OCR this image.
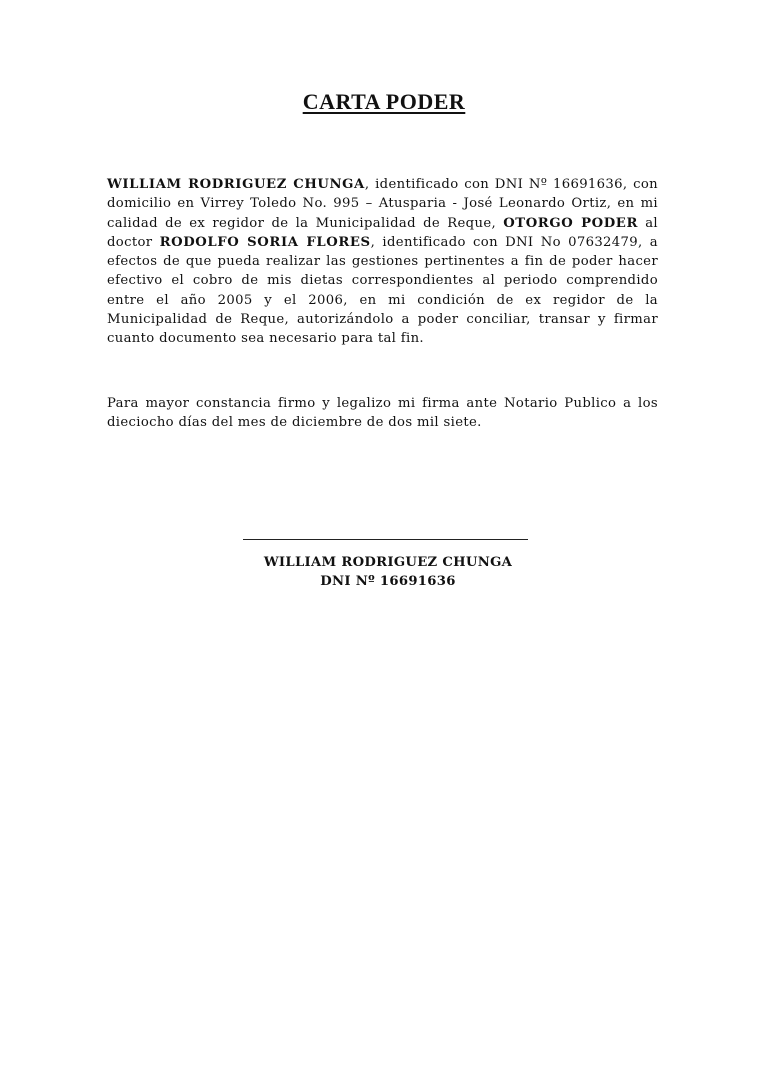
CARTA PODER

WILLIAM RODRIGUEZ CHUNGA, identificado con DNI Nº 16691636, con domicilio en Virrey Toledo No. 995 – Atusparia - José Leonardo Ortiz, en mi calidad de ex regidor de la Municipalidad de Reque, OTORGO PODER al doctor RODOLFO SORIA FLORES, identificado con DNI No 07632479, a efectos de que pueda realizar las gestiones pertinentes a fin de poder hacer efectivo el cobro de mis dietas correspondientes al periodo comprendido entre el año 2005 y el 2006, en mi condición de ex regidor de la Municipalidad de Reque, autorizándolo a poder conciliar, transar y firmar cuanto documento sea necesario para tal fin.

Para mayor constancia firmo y legalizo mi firma ante Notario Publico a los dieciocho días del mes de diciembre de dos mil siete.

WILLIAM RODRIGUEZ CHUNGA
DNI Nº 16691636
